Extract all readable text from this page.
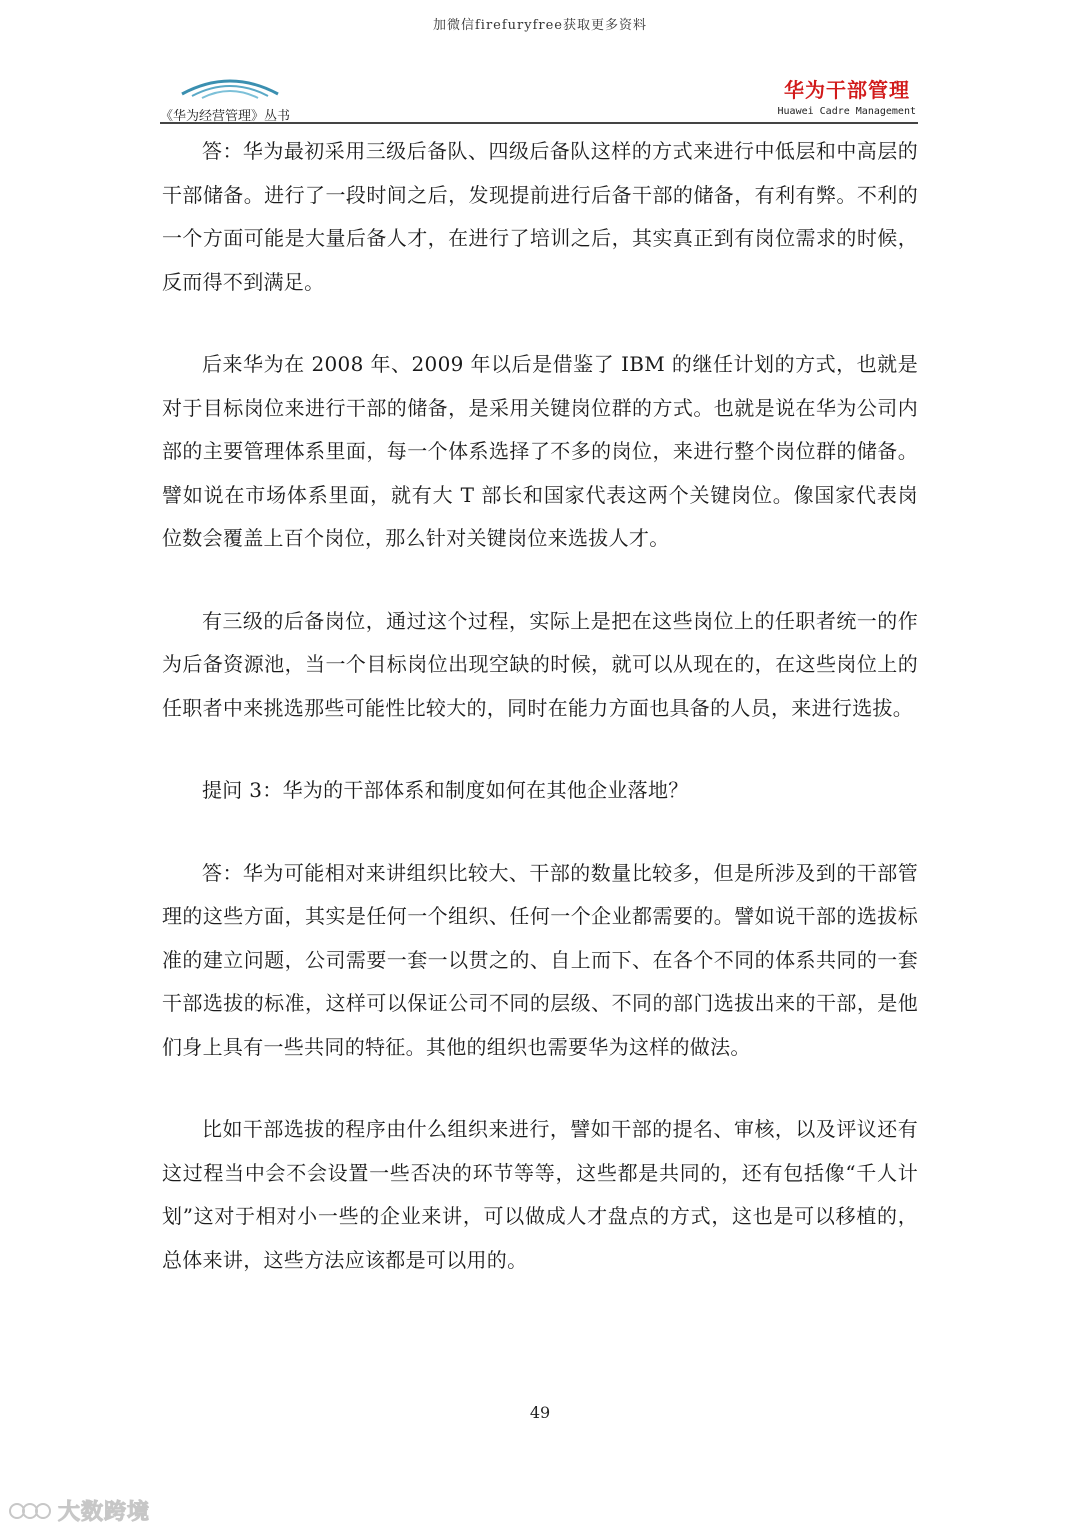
加微信firefuryfree获取更多资料
《华为经营管理》丛书
华为干部管理
Huawei Cadre Management

答：华为最初采用三级后备队、四级后备队这样的方式来进行中低层和中高层的干部储备。进行了一段时间之后，发现提前进行后备干部的储备，有利有弊。不利的一个方面可能是大量后备人才，在进行了培训之后，其实真正到有岗位需求的时候，反而得不到满足。

后来华为在 2008 年、2009 年以后是借鉴了 IBM 的继任计划的方式，也就是对于目标岗位来进行干部的储备，是采用关键岗位群的方式。也就是说在华为公司内部的主要管理体系里面，每一个体系选择了不多的岗位，来进行整个岗位群的储备。譬如说在市场体系里面，就有大 T 部长和国家代表这两个关键岗位。像国家代表岗位数会覆盖上百个岗位，那么针对关键岗位来选拔人才。

有三级的后备岗位，通过这个过程，实际上是把在这些岗位上的任职者统一的作为后备资源池，当一个目标岗位出现空缺的时候，就可以从现在的，在这些岗位上的任职者中来挑选那些可能性比较大的，同时在能力方面也具备的人员，来进行选拔。

提问 3：华为的干部体系和制度如何在其他企业落地？

答：华为可能相对来讲组织比较大、干部的数量比较多，但是所涉及到的干部管理的这些方面，其实是任何一个组织、任何一个企业都需要的。譬如说干部的选拔标准的建立问题，公司需要一套一以贯之的、自上而下、在各个不同的体系共同的一套干部选拔的标准，这样可以保证公司不同的层级、不同的部门选拔出来的干部，是他们身上具有一些共同的特征。其他的组织也需要华为这样的做法。

比如干部选拔的程序由什么组织来进行，譬如干部的提名、审核，以及评议还有这过程当中会不会设置一些否决的环节等等，这些都是共同的，还有包括像“千人计划”这对于相对小一些的企业来讲，可以做成人才盘点的方式，这也是可以移植的，总体来讲，这些方法应该都是可以用的。

49
大数跨境
